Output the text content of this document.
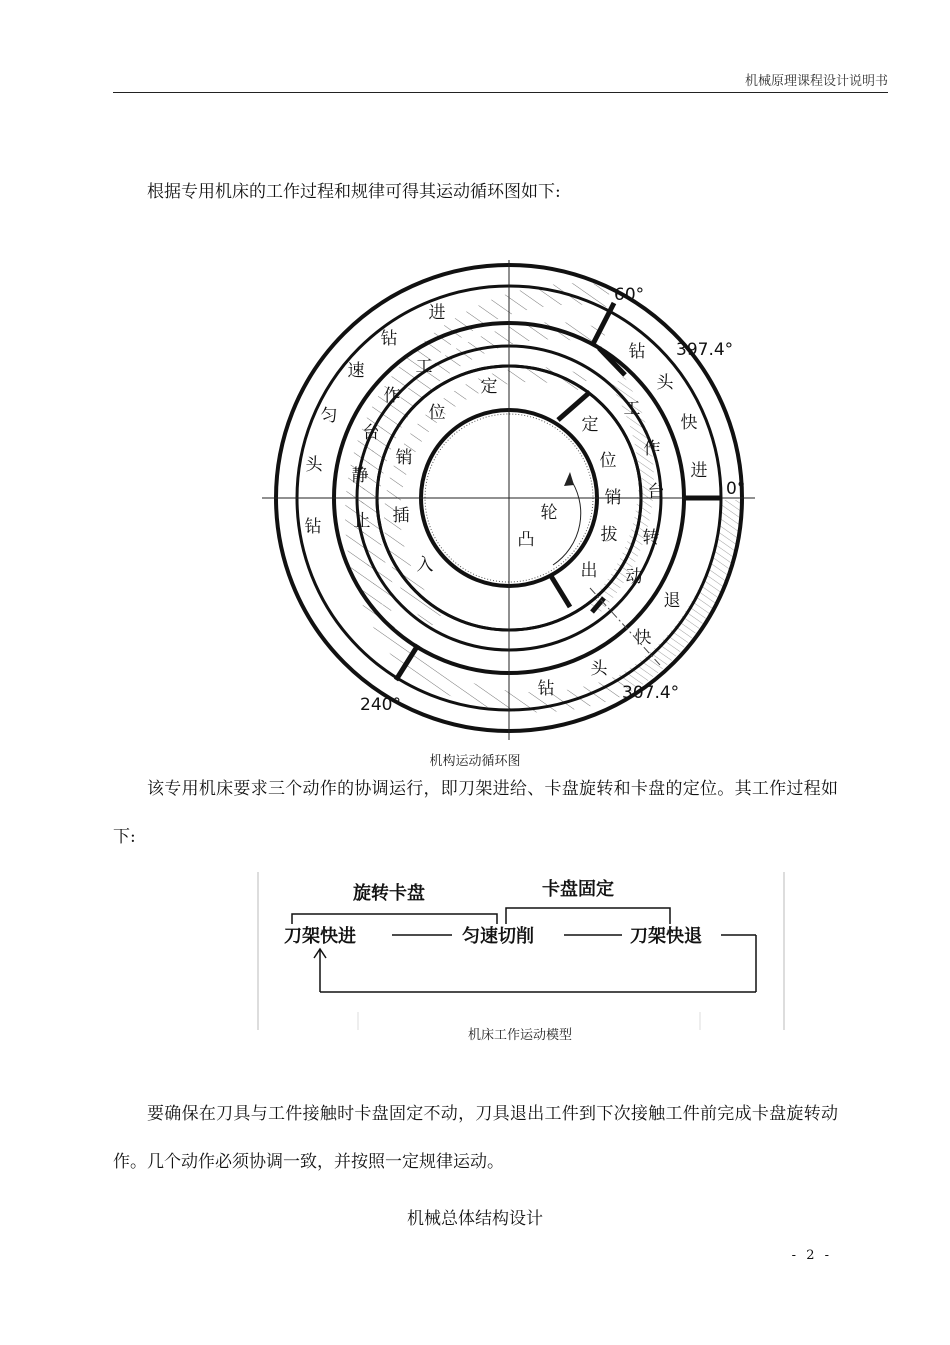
机械原理课程设计说明书
根据专用机床的工作过程和规律可得其运动循环图如下:
60°
397.4°
0°
307.4°
240°
进
钻
速
匀
头
钻
钻
头
快
进
退
快
头
钻
工
作
台
静
止
工
作
台
转
动
定
位
销
插
入
定
位
销
拔
出
轮
凸
机构运动循环图
该专用机床要求三个动作的协调运行，即刀架进给、卡盘旋转和卡盘的定位。其工作过程如下:
旋转卡盘	卡盘固定
刀架快进	匀速切削	刀架快退
机床工作运动模型
要确保在刀具与工件接触时卡盘固定不动，刀具退出工件到下次接触工件前完成卡盘旋转动作。几个动作必须协调一致，并按照一定规律运动。
机械总体结构设计
- 2 -
